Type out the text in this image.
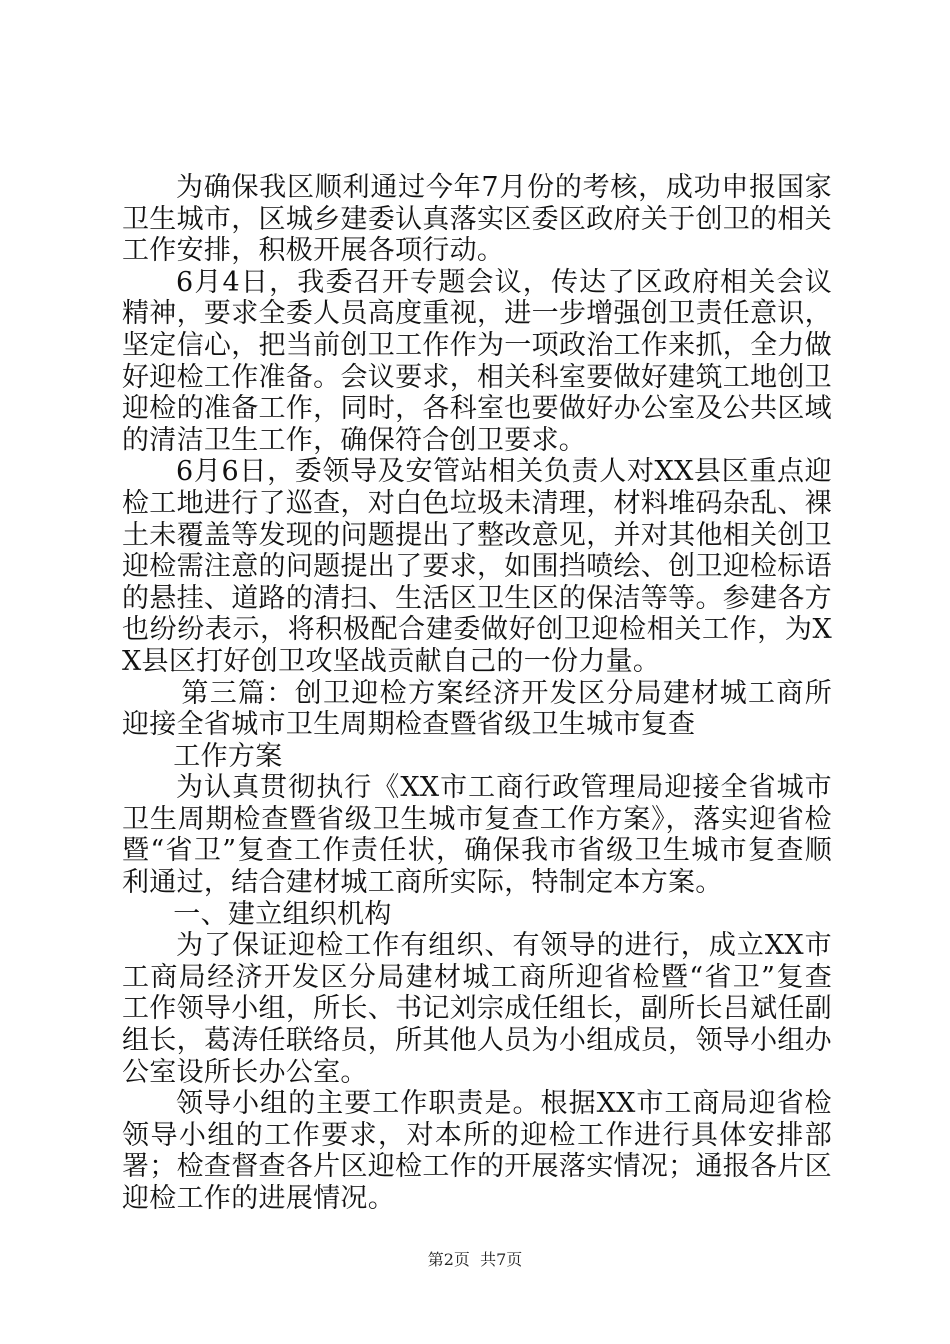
为确保我区顺利通过今年7月份的考核，成功申报国家卫生城市，区城乡建委认真落实区委区政府关于创卫的相关工作安排，积极开展各项行动。

6月4日，我委召开专题会议，传达了区政府相关会议精神，要求全委人员高度重视，进一步增强创卫责任意识，坚定信心，把当前创卫工作作为一项政治工作来抓，全力做好迎检工作准备。会议要求，相关科室要做好建筑工地创卫迎检的准备工作，同时，各科室也要做好办公室及公共区域的清洁卫生工作，确保符合创卫要求。

6月6日，委领导及安管站相关负责人对XX县区重点迎检工地进行了巡查，对白色垃圾未清理，材料堆码杂乱、裸土未覆盖等发现的问题提出了整改意见，并对其他相关创卫迎检需注意的问题提出了要求，如围挡喷绘、创卫迎检标语的悬挂、道路的清扫、生活区卫生区的保洁等等。参建各方也纷纷表示，将积极配合建委做好创卫迎检相关工作，为XX县区打好创卫攻坚战贡献自己的一份力量。

第三篇：创卫迎检方案经济开发区分局建材城工商所迎接全省城市卫生周期检查暨省级卫生城市复查

工作方案

为认真贯彻执行《XX市工商行政管理局迎接全省城市卫生周期检查暨省级卫生城市复查工作方案》，落实迎省检暨“省卫”复查工作责任状，确保我市省级卫生城市复查顺利通过，结合建材城工商所实际，特制定本方案。

一、建立组织机构

为了保证迎检工作有组织、有领导的进行，成立XX市工商局经济开发区分局建材城工商所迎省检暨“省卫”复查工作领导小组，所长、书记刘宗成任组长，副所长吕斌任副组长，葛涛任联络员，所其他人员为小组成员，领导小组办公室设所长办公室。

领导小组的主要工作职责是。根据XX市工商局迎省检领导小组的工作要求，对本所的迎检工作进行具体安排部署；检查督查各片区迎检工作的开展落实情况；通报各片区迎检工作的进展情况。

第2页  共7页
